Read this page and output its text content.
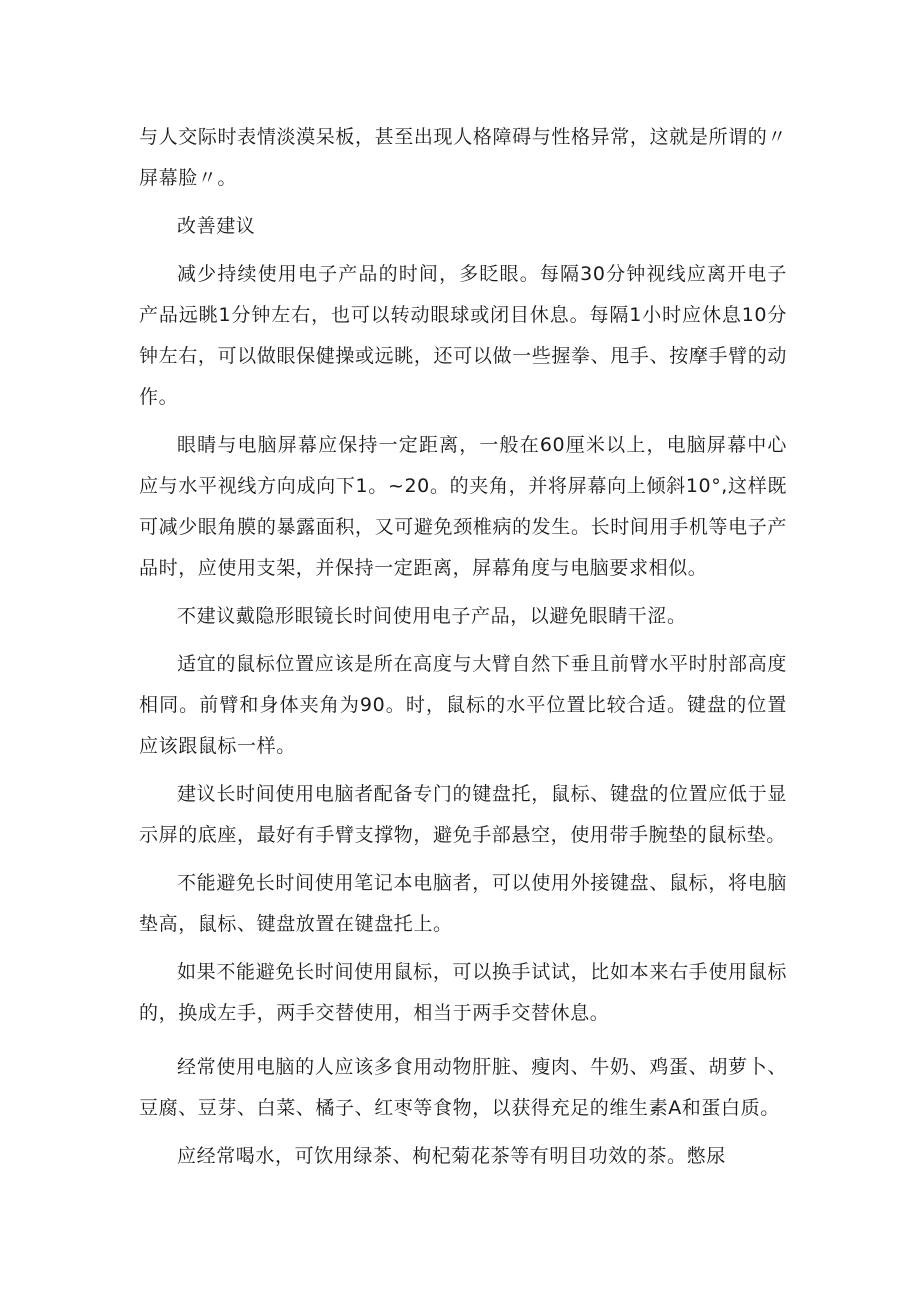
与人交际时表情淡漠呆板，甚至出现人格障碍与性格异常，这就是所谓的〃屏幕脸〃。

改善建议

减少持续使用电子产品的时间，多眨眼。每隔30分钟视线应离开电子产品远眺1分钟左右，也可以转动眼球或闭目休息。每隔1小时应休息10分钟左右，可以做眼保健操或远眺，还可以做一些握拳、甩手、按摩手臂的动作。

眼睛与电脑屏幕应保持一定距离，一般在60厘米以上，电脑屏幕中心应与水平视线方向成向下1。~20。的夹角，并将屏幕向上倾斜10°,这样既可减少眼角膜的暴露面积，又可避免颈椎病的发生。长时间用手机等电子产品时，应使用支架，并保持一定距离，屏幕角度与电脑要求相似。

不建议戴隐形眼镜长时间使用电子产品，以避免眼睛干涩。

适宜的鼠标位置应该是所在高度与大臂自然下垂且前臂水平时肘部高度相同。前臂和身体夹角为90。时，鼠标的水平位置比较合适。键盘的位置应该跟鼠标一样。

建议长时间使用电脑者配备专门的键盘托，鼠标、键盘的位置应低于显示屏的底座，最好有手臂支撑物，避免手部悬空，使用带手腕垫的鼠标垫。

不能避免长时间使用笔记本电脑者，可以使用外接键盘、鼠标，将电脑垫高，鼠标、键盘放置在键盘托上。

如果不能避免长时间使用鼠标，可以换手试试，比如本来右手使用鼠标的，换成左手，两手交替使用，相当于两手交替休息。

经常使用电脑的人应该多食用动物肝脏、瘦肉、牛奶、鸡蛋、胡萝卜、豆腐、豆芽、白菜、橘子、红枣等食物，以获得充足的维生素A和蛋白质。

应经常喝水，可饮用绿茶、枸杞菊花茶等有明目功效的茶。憋尿
